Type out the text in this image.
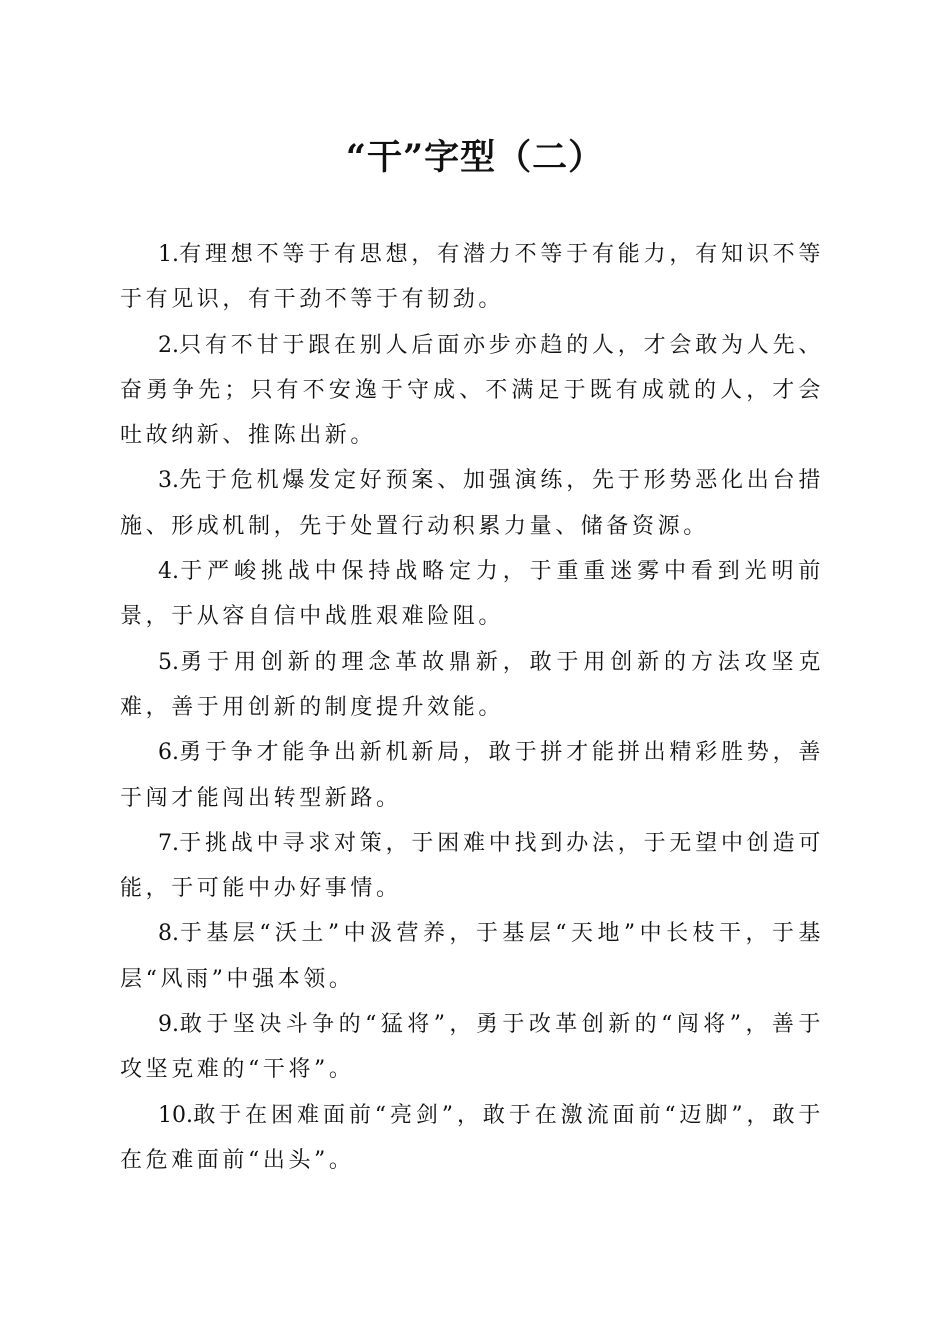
“干”字型（二）

1.有理想不等于有思想，有潜力不等于有能力，有知识不等于有见识，有干劲不等于有韧劲。

2.只有不甘于跟在别人后面亦步亦趋的人，才会敢为人先、奋勇争先；只有不安逸于守成、不满足于既有成就的人，才会吐故纳新、推陈出新。

3.先于危机爆发定好预案、加强演练，先于形势恶化出台措施、形成机制，先于处置行动积累力量、储备资源。

4.于严峻挑战中保持战略定力，于重重迷雾中看到光明前景，于从容自信中战胜艰难险阻。

5.勇于用创新的理念革故鼎新，敢于用创新的方法攻坚克难，善于用创新的制度提升效能。

6.勇于争才能争出新机新局，敢于拼才能拼出精彩胜势，善于闯才能闯出转型新路。

7.于挑战中寻求对策，于困难中找到办法，于无望中创造可能，于可能中办好事情。

8.于基层“沃土”中汲营养，于基层“天地”中长枝干，于基层“风雨”中强本领。

9.敢于坚决斗争的“猛将”，勇于改革创新的“闯将”，善于攻坚克难的“干将”。

10.敢于在困难面前“亮剑”，敢于在激流面前“迈脚”，敢于在危难面前“出头”。
